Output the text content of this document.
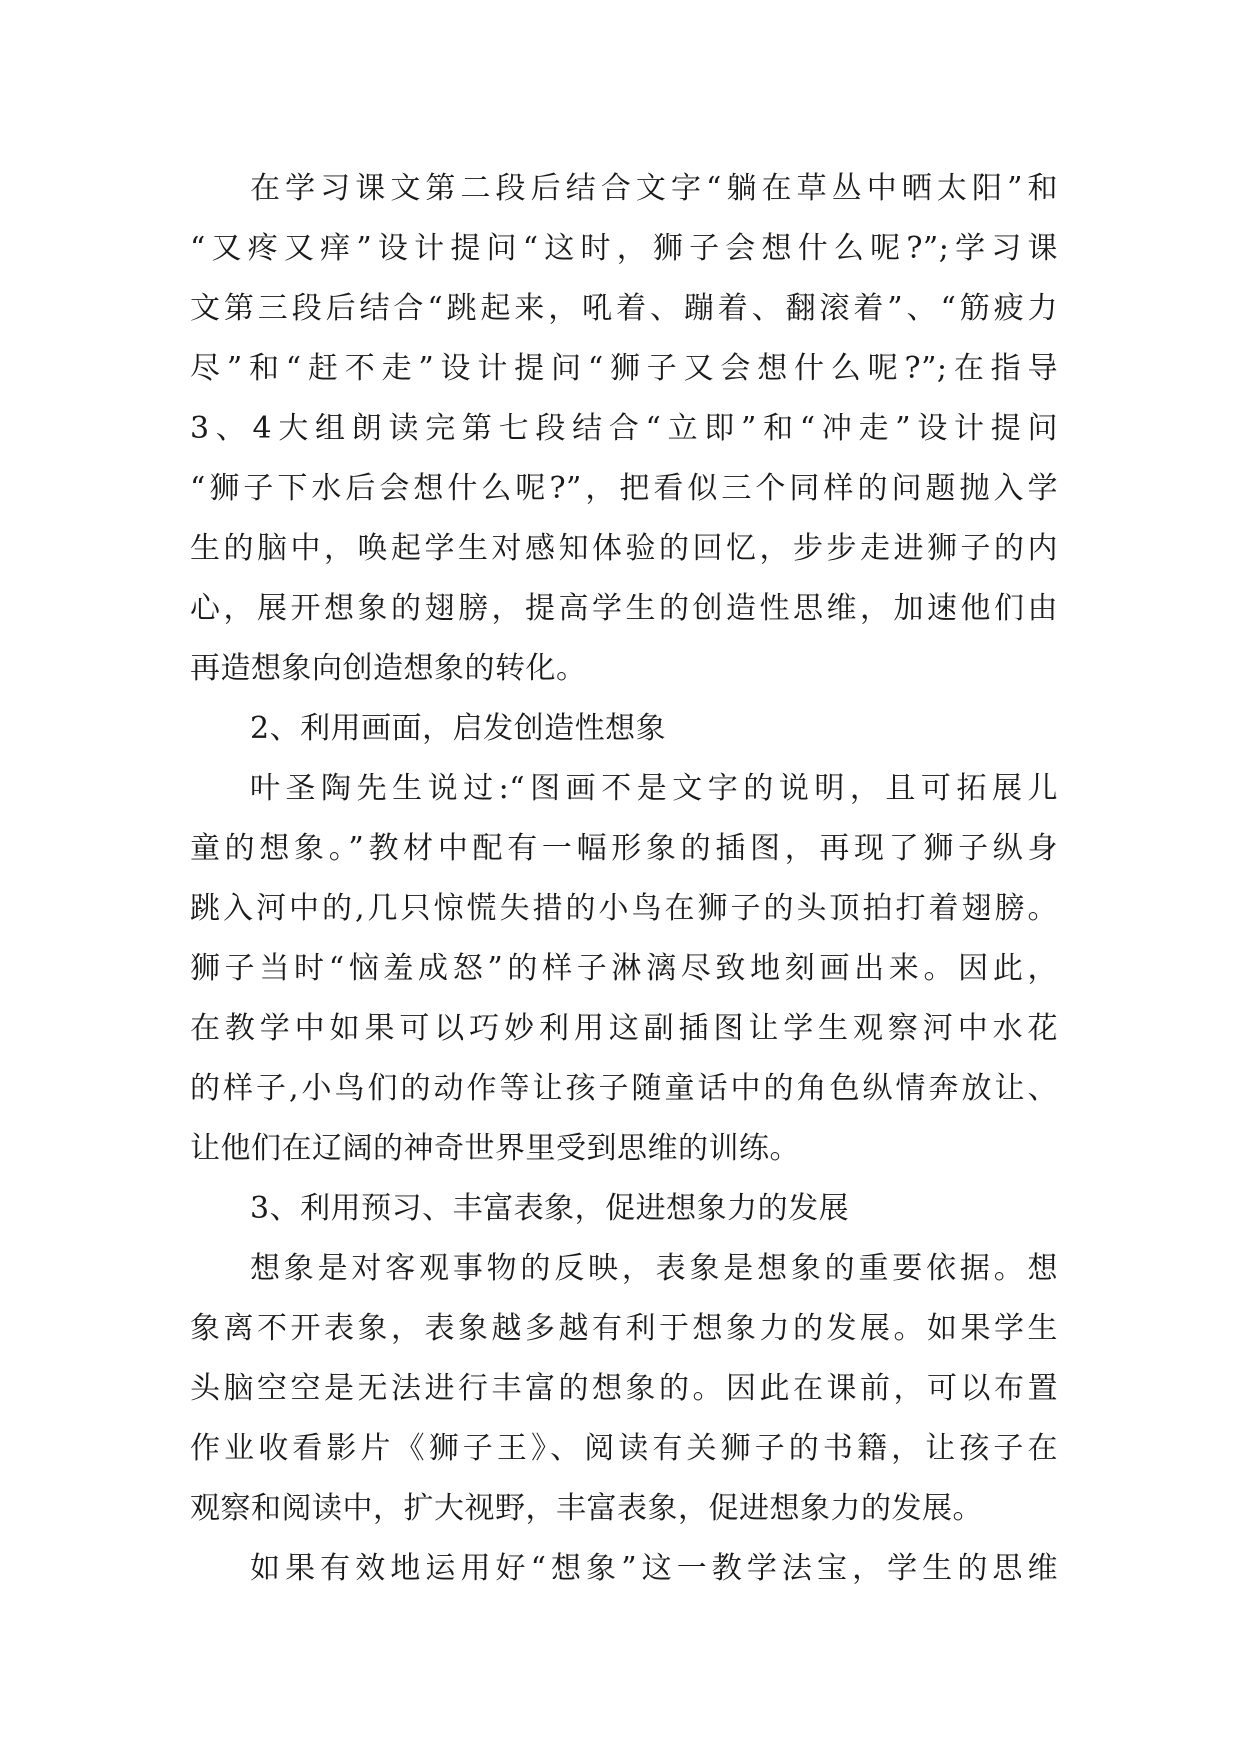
在学习课文第二段后结合文字“躺在草丛中晒太阳”和
“又疼又痒”设计提问“这时，狮子会想什么呢?”;学习课
文第三段后结合“跳起来，吼着、蹦着、翻滚着”、“筋疲力
尽”和“赶不走”设计提问“狮子又会想什么呢?”;在指导
3、4大组朗读完第七段结合“立即”和“冲走”设计提问
“狮子下水后会想什么呢?”，把看似三个同样的问题抛入学
生的脑中，唤起学生对感知体验的回忆，步步走进狮子的内
心，展开想象的翅膀，提高学生的创造性思维，加速他们由
再造想象向创造想象的转化。
2、利用画面，启发创造性想象
叶圣陶先生说过:“图画不是文字的说明，且可拓展儿
童的想象。”教材中配有一幅形象的插图，再现了狮子纵身
跳入河中的,几只惊慌失措的小鸟在狮子的头顶拍打着翅膀。
狮子当时“恼羞成怒”的样子淋漓尽致地刻画出来。因此，
在教学中如果可以巧妙利用这副插图让学生观察河中水花
的样子,小鸟们的动作等让孩子随童话中的角色纵情奔放让、
让他们在辽阔的神奇世界里受到思维的训练。
3、利用预习、丰富表象，促进想象力的发展
想象是对客观事物的反映，表象是想象的重要依据。想
象离不开表象，表象越多越有利于想象力的发展。如果学生
头脑空空是无法进行丰富的想象的。因此在课前，可以布置
作业收看影片《狮子王》、阅读有关狮子的书籍，让孩子在
观察和阅读中，扩大视野，丰富表象，促进想象力的发展。
如果有效地运用好“想象”这一教学法宝，学生的思维
